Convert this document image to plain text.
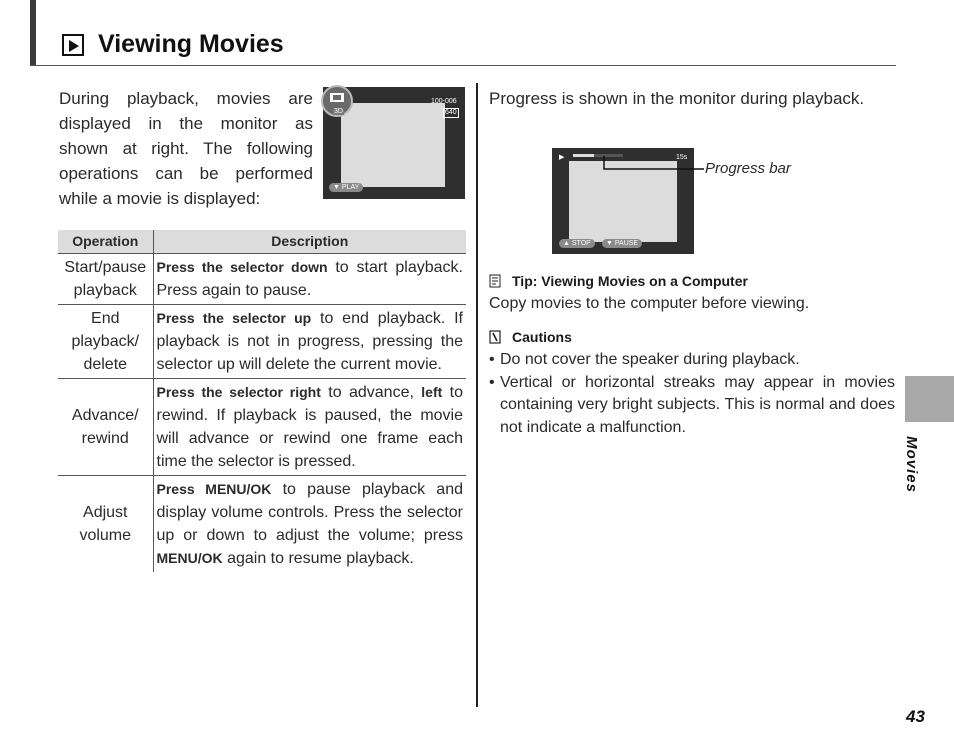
Viewing Movies

During playback, movies are displayed in the monitor as shown at right. The following operations can be performed while a movie is displayed:

3D
100-006
640
▼ PLAY
Operation	Description
Start/pause playback	Press the selector down to start playback. Press again to pause.
End playback/ delete	Press the selector up to end playback. If playback is not in progress, pressing the selector up will delete the current movie.
Advance/ rewind	Press the selector right to advance, left to rewind. If playback is paused, the movie will advance or rewind one frame each time the selector is pressed.
Adjust volume	Press MENU/OK to pause playback and display volume controls. Press the selector up or down to adjust the volume; press MENU/OK again to resume playback.

Progress is shown in the monitor during playback.

▶	15s
▲ STOP	▼ PAUSE
Progress bar
Tip: Viewing Movies on a Computer

Copy movies to the computer before viewing.

Cautions
• Do not cover the speaker during playback.
• Vertical or horizontal streaks may appear in movies containing very bright subjects. This is normal and does not indicate a malfunction.
Movies
43
